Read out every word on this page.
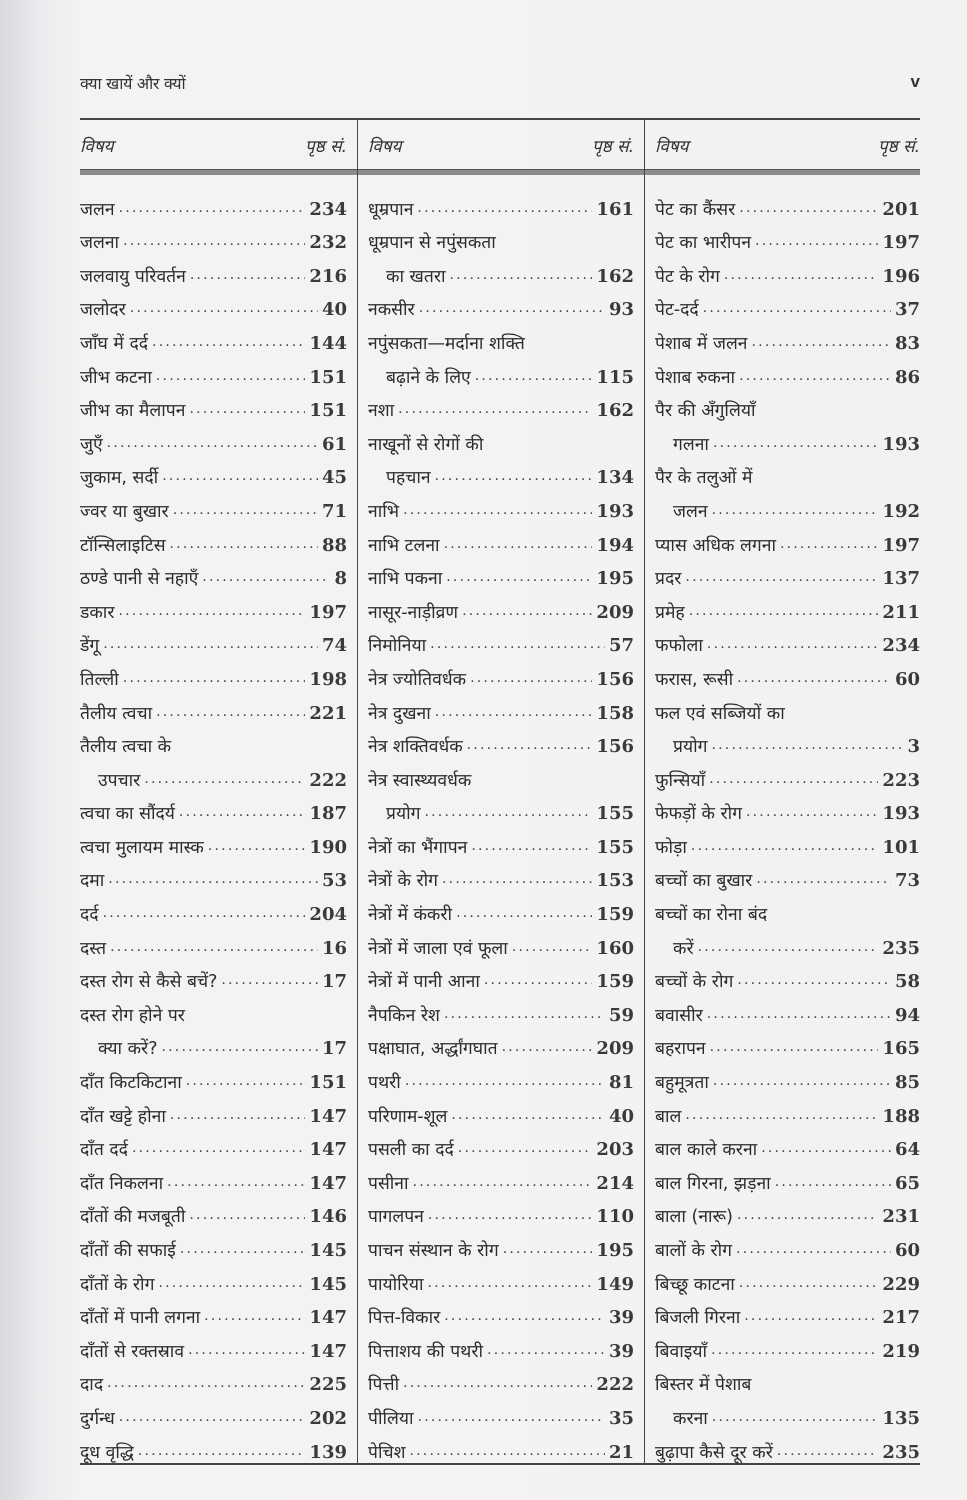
क्या खायें और क्यों	v
विषय	पृष्ठ सं.
जलन .....	234
जलना .....	232
जलवायु परिवर्तन .....	216
जलोदर .....	40
जाँघ में दर्द .....	144
जीभ कटना .....	151
जीभ का मैलापन .....	151
जुएँ .....	61
जुकाम, सर्दी .....	45
ज्वर या बुखार .....	71
टॉन्सिलाइटिस .....	88
ठण्डे पानी से नहाएँ .....	8
डकार .....	197
डेंगू .....	74
तिल्ली .....	198
तैलीय त्वचा .....	221
तैलीय त्वचा के
उपचार .....	222
त्वचा का सौंदर्य .....	187
त्वचा मुलायम मास्क .....	190
दमा .....	53
दर्द .....	204
दस्त .....	16
दस्त रोग से कैसे बचें? .....	17
दस्त रोग होने पर
क्या करें? .....	17
दाँत किटकिटाना .....	151
दाँत खट्टे होना .....	147
दाँत दर्द .....	147
दाँत निकलना .....	147
दाँतों की मजबूती .....	146
दाँतों की सफाई .....	145
दाँतों के रोग .....	145
दाँतों में पानी लगना .....	147
दाँतों से रक्तस्राव .....	147
दाद .....	225
दुर्गन्ध .....	202
दूध वृद्धि .....	139
विषय	पृष्ठ सं.
धूम्रपान .....	161
धूम्रपान से नपुंसकता
का खतरा .....	162
नकसीर .....	93
नपुंसकता—मर्दाना शक्ति
बढ़ाने के लिए .....	115
नशा .....	162
नाखूनों से रोगों की
पहचान .....	134
नाभि .....	193
नाभि टलना .....	194
नाभि पकना .....	195
नासूर-नाड़ीव्रण .....	209
निमोनिया .....	57
नेत्र ज्योतिवर्धक .....	156
नेत्र दुखना .....	158
नेत्र शक्तिवर्धक .....	156
नेत्र स्वास्थ्यवर्धक
प्रयोग .....	155
नेत्रों का भैंगापन .....	155
नेत्रों के रोग .....	153
नेत्रों में कंकरी .....	159
नेत्रों में जाला एवं फूला .....	160
नेत्रों में पानी आना .....	159
नैपकिन रेश .....	59
पक्षाघात, अर्द्धांगघात .....	209
पथरी .....	81
परिणाम-शूल .....	40
पसली का दर्द .....	203
पसीना .....	214
पागलपन .....	110
पाचन संस्थान के रोग .....	195
पायोरिया .....	149
पित्त-विकार .....	39
पित्ताशय की पथरी .....	39
पित्ती .....	222
पीलिया .....	35
पेचिश .....	21
विषय	पृष्ठ सं.
पेट का कैंसर .....	201
पेट का भारीपन .....	197
पेट के रोग .....	196
पेट-दर्द .....	37
पेशाब में जलन .....	83
पेशाब रुकना .....	86
पैर की अँगुलियाँ
गलना .....	193
पैर के तलुओं में
जलन .....	192
प्यास अधिक लगना .....	197
प्रदर .....	137
प्रमेह .....	211
फफोला .....	234
फरास, रूसी .....	60
फल एवं सब्जियों का
प्रयोग .....	3
फुन्सियाँ .....	223
फेफड़ों के रोग .....	193
फोड़ा .....	101
बच्चों का बुखार .....	73
बच्चों का रोना बंद
करें .....	235
बच्चों के रोग .....	58
बवासीर .....	94
बहरापन .....	165
बहुमूत्रता .....	85
बाल .....	188
बाल काले करना .....	64
बाल गिरना, झड़ना .....	65
बाला (नारू) .....	231
बालों के रोग .....	60
बिच्छू काटना .....	229
बिजली गिरना .....	217
बिवाइयाँ .....	219
बिस्तर में पेशाब
करना .....	135
बुढ़ापा कैसे दूर करें .....	235
